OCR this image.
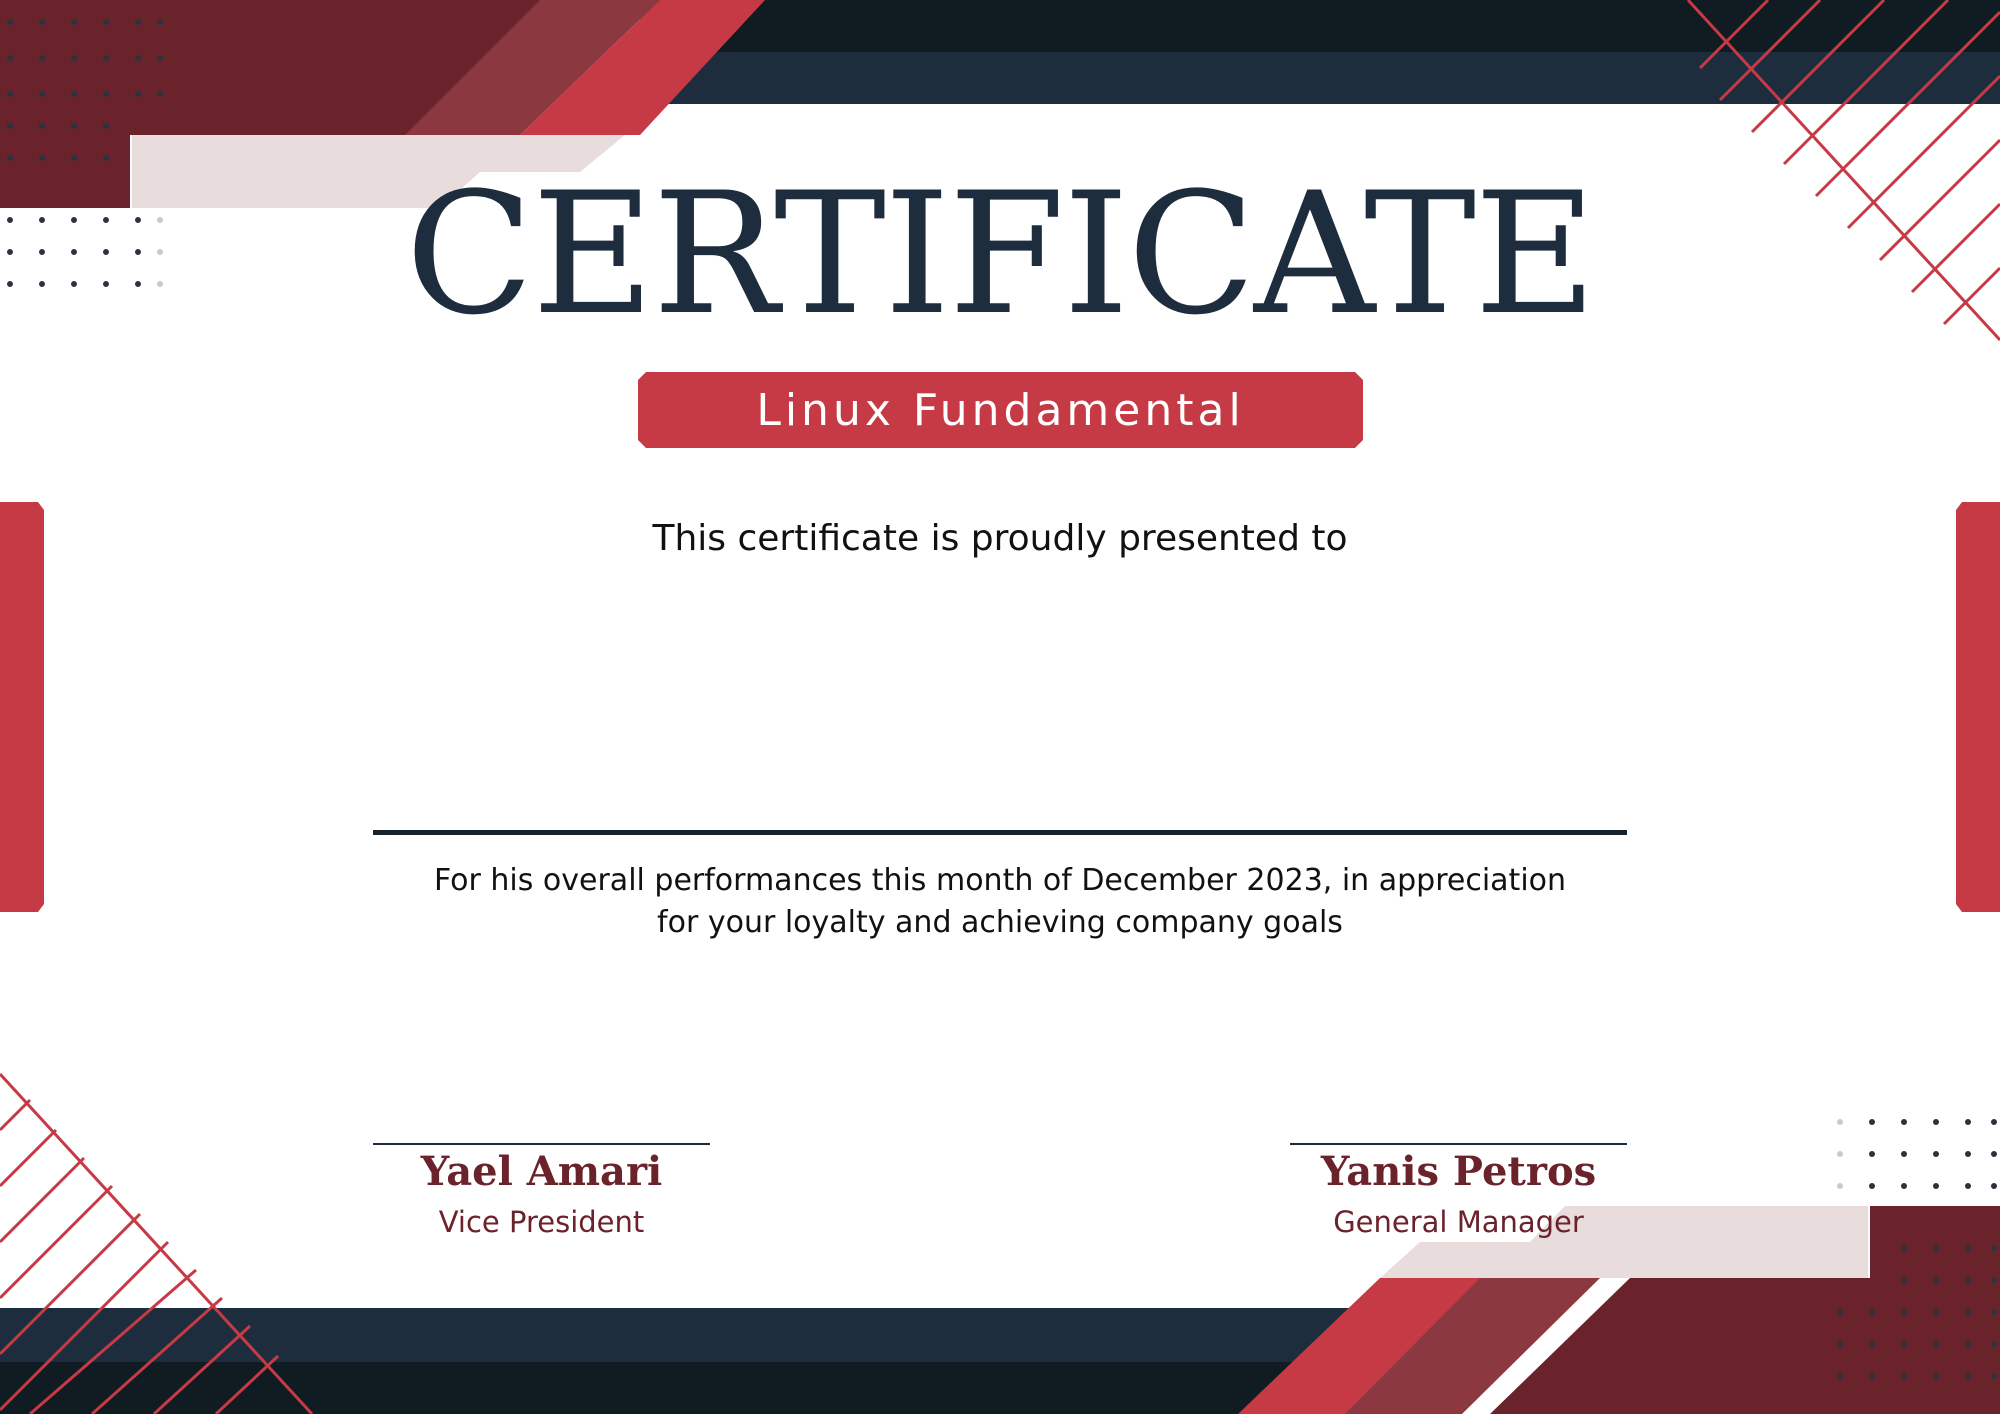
CERTIFICATE
Linux Fundamental
This certificate is proudly presented to
For his overall performances this month of December 2023, in appreciation
for your loyalty and achieving company goals
Yael Amari
Vice President
Yanis Petros
General Manager
